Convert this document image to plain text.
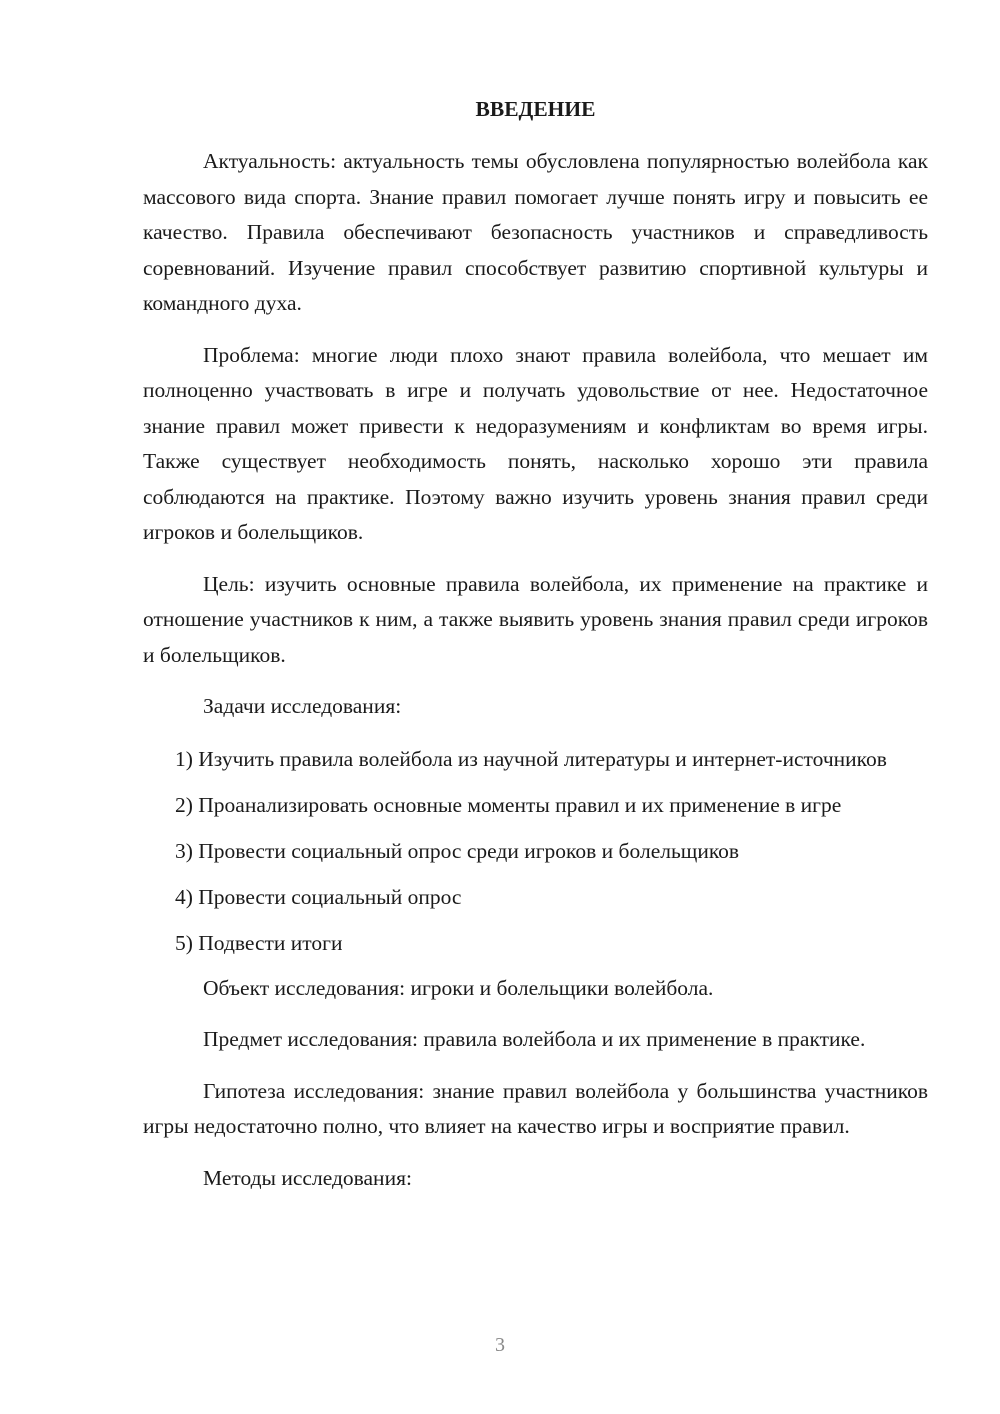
ВВЕДЕНИЕ

Актуальность: актуальность темы обусловлена популярностью волейбола как массового вида спорта. Знание правил помогает лучше понять игру и повысить ее качество. Правила обеспечивают безопасность участников и справедливость соревнований. Изучение правил способствует развитию спортивной культуры и командного духа.

Проблема: многие люди плохо знают правила волейбола, что мешает им полноценно участвовать в игре и получать удовольствие от нее. Недостаточное знание правил может привести к недоразумениям и конфликтам во время игры. Также существует необходимость понять, насколько хорошо эти правила соблюдаются на практике. Поэтому важно изучить уровень знания правил среди игроков и болельщиков.

Цель: изучить основные правила волейбола, их применение на практике и отношение участников к ним, а также выявить уровень знания правил среди игроков и болельщиков.

Задачи исследования:

1) Изучить правила волейбола из научной литературы и интернет-источников
2) Проанализировать основные моменты правил и их применение в игре
3) Провести социальный опрос среди игроков и болельщиков
4) Провести социальный опрос
5) Подвести итоги

Объект исследования: игроки и болельщики волейбола.

Предмет исследования: правила волейбола и их применение в практике.

Гипотеза исследования: знание правил волейбола у большинства участников игры недостаточно полно, что влияет на качество игры и восприятие правил.

Методы исследования:

3
